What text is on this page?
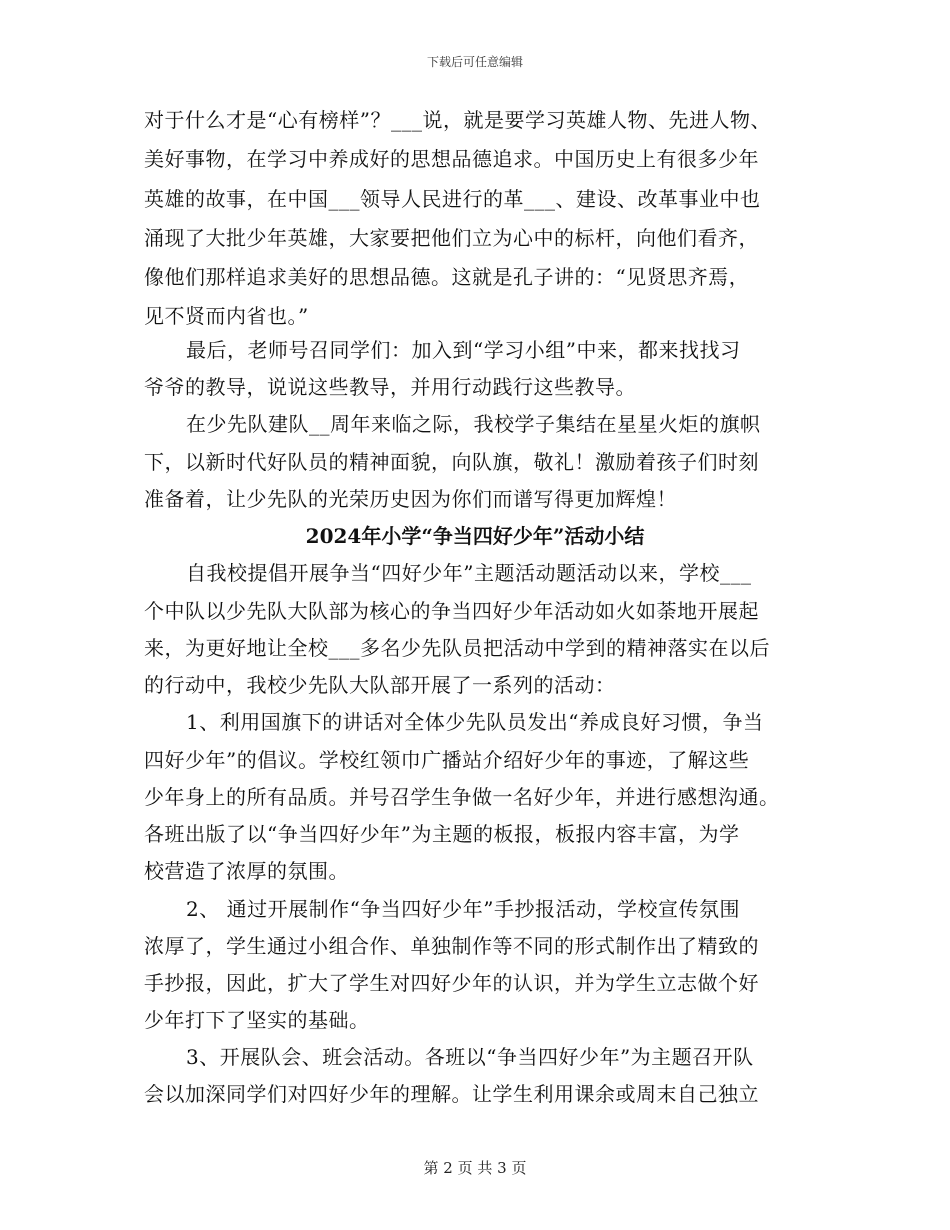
下载后可任意编辑
对于什么才是“心有榜样”？___说，就是要学习英雄人物、先进人物、
美好事物，在学习中养成好的思想品德追求。中国历史上有很多少年
英雄的故事，在中国___领导人民进行的革___、建设、改革事业中也
涌现了大批少年英雄，大家要把他们立为心中的标杆，向他们看齐，
像他们那样追求美好的思想品德。这就是孔子讲的：“见贤思齐焉，
见不贤而内省也。”
最后，老师号召同学们：加入到“学习小组”中来，都来找找习
爷爷的教导，说说这些教导，并用行动践行这些教导。
在少先队建队__周年来临之际，我校学子集结在星星火炬的旗帜
下，以新时代好队员的精神面貌，向队旗，敬礼！激励着孩子们时刻
准备着，让少先队的光荣历史因为你们而谱写得更加辉煌！
2024年小学“争当四好少年”活动小结
自我校提倡开展争当“四好少年”主题活动题活动以来，学校___
个中队以少先队大队部为核心的争当四好少年活动如火如荼地开展起
来，为更好地让全校___多名少先队员把活动中学到的精神落实在以后
的行动中，我校少先队大队部开展了一系列的活动：
1、利用国旗下的讲话对全体少先队员发出“养成良好习惯，争当
四好少年”的倡议。学校红领巾广播站介绍好少年的事迹，了解这些
少年身上的所有品质。并号召学生争做一名好少年，并进行感想沟通。
各班出版了以“争当四好少年”为主题的板报，板报内容丰富，为学
校营造了浓厚的氛围。
2、 通过开展制作“争当四好少年”手抄报活动，学校宣传氛围
浓厚了，学生通过小组合作、单独制作等不同的形式制作出了精致的
手抄报，因此，扩大了学生对四好少年的认识，并为学生立志做个好
少年打下了坚实的基础。
3、开展队会、班会活动。各班以“争当四好少年”为主题召开队
会以加深同学们对四好少年的理解。让学生利用课余或周末自己独立
第 2 页 共 3 页
